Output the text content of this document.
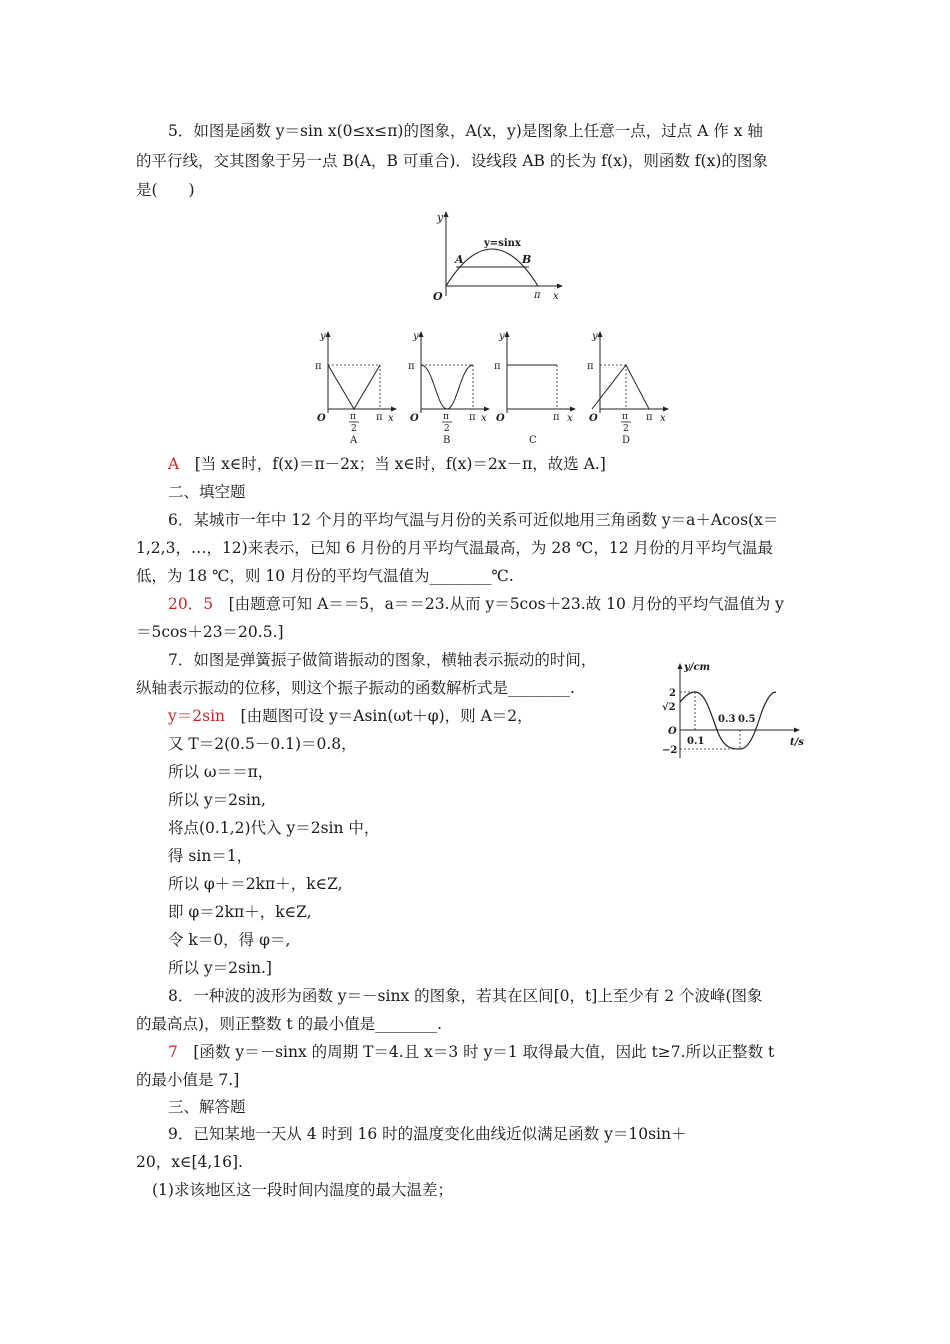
5．如图是函数 y＝sin x(0≤x≤π)的图象，A(x，y)是图象上任意一点，过点 A 作 x 轴
的平行线，交其图象于另一点 B(A，B 可重合)．设线段 AB 的长为 f(x)，则函数 f(x)的图象
是(　　)
y
x
π
O
y=sinx
A	B
y
x
π
π
O	π
2
A
y
x
π
π
O	π
2
B
y
x
π
π
O
C
y
x
π
π
O	π
2
D
A　[当 x∈时，f(x)＝π－2x；当 x∈时，f(x)＝2x－π，故选 A.]
二、填空题
6．某城市一年中 12 个月的平均气温与月份的关系可近似地用三角函数 y＝a＋Acos(x＝
1,2,3，…，12)来表示，已知 6 月份的月平均气温最高，为 28 ℃，12 月份的月平均气温最
低，为 18 ℃，则 10 月份的平均气温值为________℃.
20．5　[由题意可知 A＝＝5，a＝＝23.从而 y＝5cos＋23.故 10 月份的平均气温值为 y
＝5cos＋23＝20.5.]
7．如图是弹簧振子做简谐振动的图象，横轴表示振动的时间，
纵轴表示振动的位移，则这个振子振动的函数解析式是________.
y＝2sin　[由题图可设 y＝Asin(ωt＋φ)，则 A＝2，
又 T＝2(0.5－0.1)＝0.8，
所以 ω＝＝π，
所以 y＝2sin,
将点(0.1,2)代入 y＝2sin 中，
得 sin＝1，
所以 φ＋＝2kπ＋，k∈Z,
即 φ＝2kπ＋，k∈Z,
令 k＝0，得 φ＝,
所以 y＝2sin.]
y/cm
t/s
2
√2
O
−2
0.1
0.3 0.5
8．一种波的波形为函数 y＝－sinx 的图象，若其在区间[0，t]上至少有 2 个波峰(图象
的最高点)，则正整数 t 的最小值是________.
7　[函数 y＝－sinx 的周期 T＝4.且 x＝3 时 y＝1 取得最大值，因此 t≥7.所以正整数 t
的最小值是 7.]
三、解答题
9．已知某地一天从 4 时到 16 时的温度变化曲线近似满足函数 y＝10sin＋
20，x∈[4,16].
(1)求该地区这一段时间内温度的最大温差；
